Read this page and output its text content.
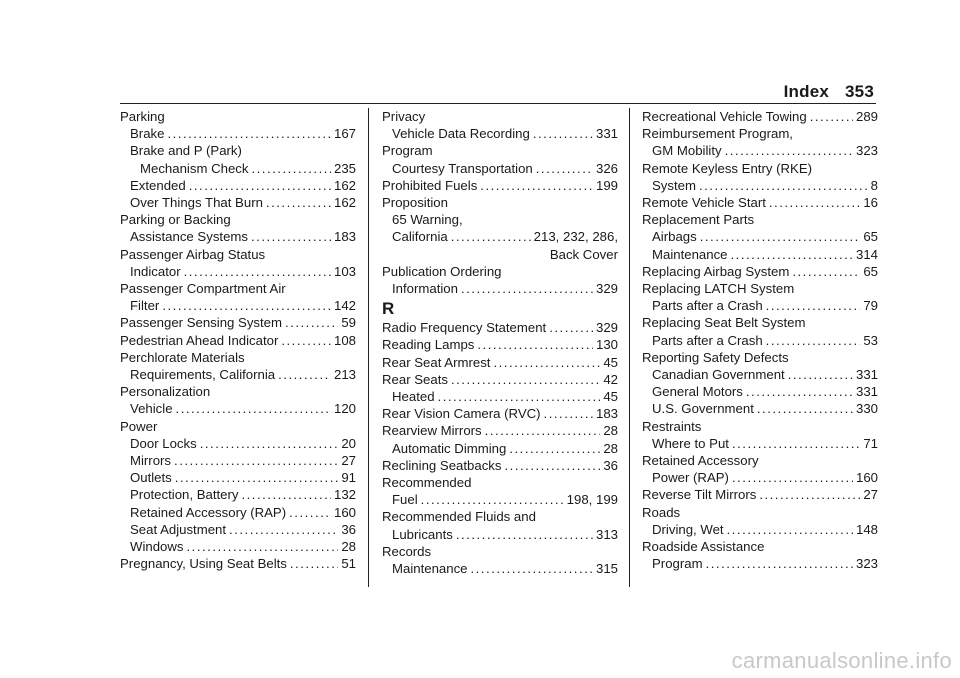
Index 353
Parking
Brake .....	167
Brake and P (Park)
Mechanism Check .....	235
Extended .....	162
Over Things That Burn .....	162
Parking or Backing
Assistance Systems .....	183
Passenger Airbag Status
Indicator .....	103
Passenger Compartment Air
Filter .....	142
Passenger Sensing System .....	59
Pedestrian Ahead Indicator .....	108
Perchlorate Materials
Requirements, California .....	213
Personalization
Vehicle .....	120
Power
Door Locks .....	20
Mirrors .....	27
Outlets .....	91
Protection, Battery .....	132
Retained Accessory (RAP) .....	160
Seat Adjustment .....	36
Windows .....	28
Pregnancy, Using Seat Belts .....	51
Privacy
Vehicle Data Recording .....	331
Program
Courtesy Transportation .....	326
Prohibited Fuels .....	199
Proposition
65 Warning,
California .....	213, 232, 286,
Back Cover
Publication Ordering
Information .....	329
R
Radio Frequency Statement .....	329
Reading Lamps .....	130
Rear Seat Armrest .....	45
Rear Seats .....	42
Heated .....	45
Rear Vision Camera (RVC) .....	183
Rearview Mirrors .....	28
Automatic Dimming .....	28
Reclining Seatbacks .....	36
Recommended
Fuel .....	198, 199
Recommended Fluids and
Lubricants .....	313
Records
Maintenance .....	315
Recreational Vehicle Towing .....	289
Reimbursement Program,
GM Mobility .....	323
Remote Keyless Entry (RKE)
System .....	8
Remote Vehicle Start .....	16
Replacement Parts
Airbags .....	65
Maintenance .....	314
Replacing Airbag System .....	65
Replacing LATCH System
Parts after a Crash .....	79
Replacing Seat Belt System
Parts after a Crash .....	53
Reporting Safety Defects
Canadian Government .....	331
General Motors .....	331
U.S. Government .....	330
Restraints
Where to Put .....	71
Retained Accessory
Power (RAP) .....	160
Reverse Tilt Mirrors .....	27
Roads
Driving, Wet .....	148
Roadside Assistance
Program .....	323
carmanualsonline.info
